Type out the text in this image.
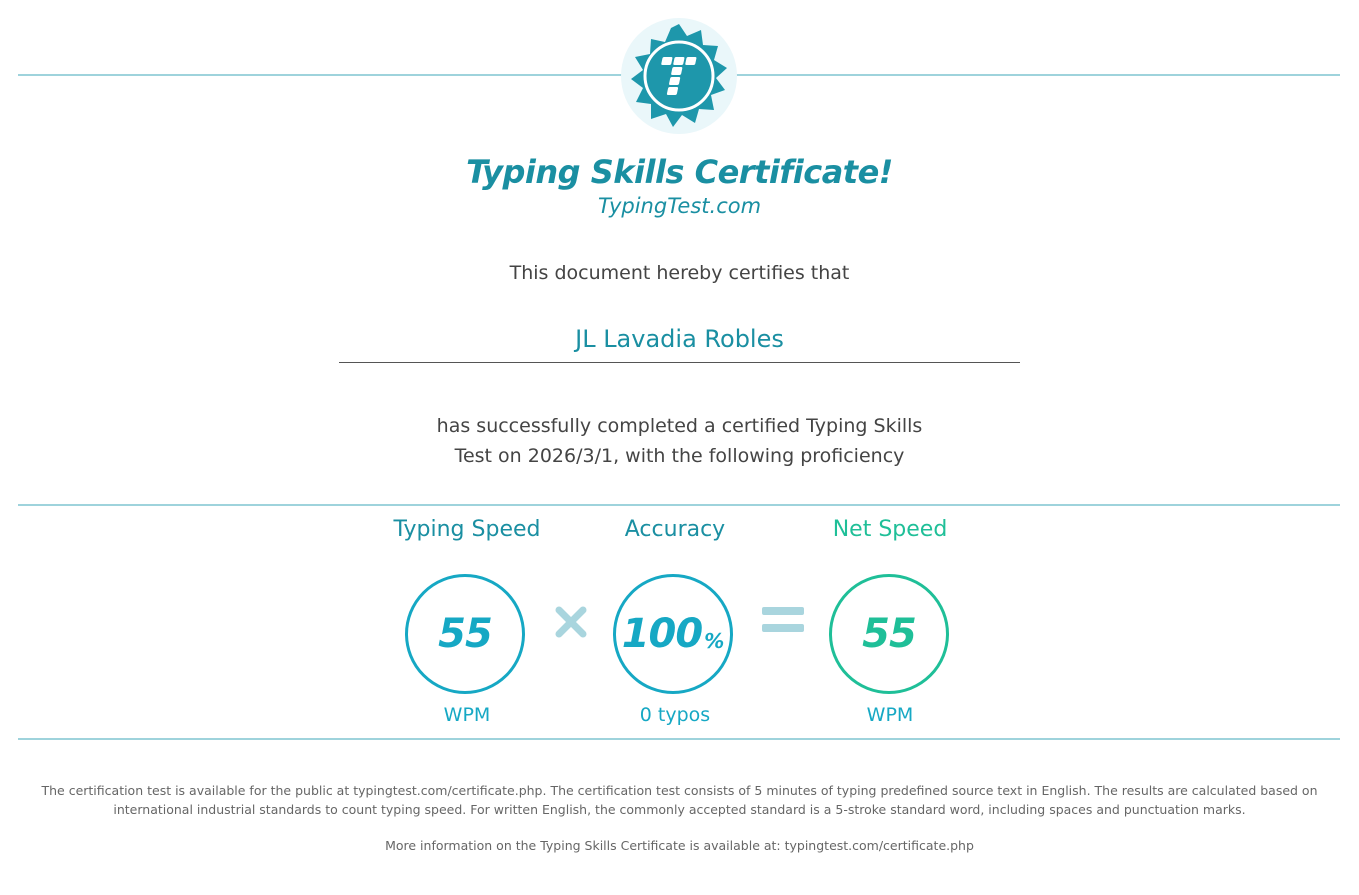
Typing Skills Certificate!
TypingTest.com
This document hereby certifies that
JL Lavadia Robles
has successfully completed a certified Typing Skills
Test on 2026/3/1, with the following proficiency
Typing Speed
55
WPM
Accuracy
100 %
0 typos
Net Speed
55
WPM
The certification test is available for the public at typingtest.com/certificate.php. The certification test consists of 5 minutes of typing predefined source text in English. The results are calculated based on international industrial standards to count typing speed. For written English, the commonly accepted standard is a 5-stroke standard word, including spaces and punctuation marks.
More information on the Typing Skills Certificate is available at: typingtest.com/certificate.php
